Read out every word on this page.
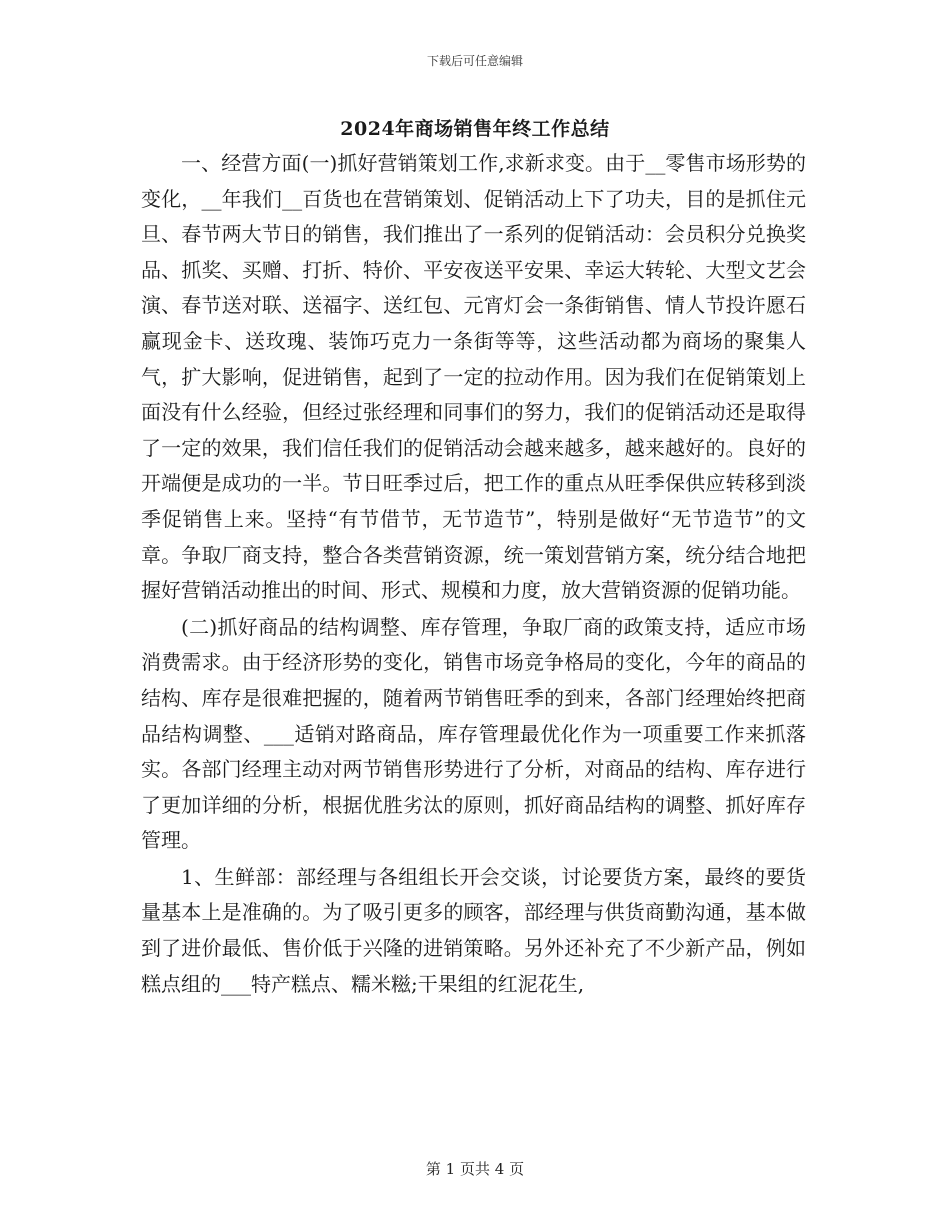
下载后可任意编辑
2024年商场销售年终工作总结

一、经营方面(一)抓好营销策划工作,求新求变。由于__零售市场形势的变化，__年我们__百货也在营销策划、促销活动上下了功夫，目的是抓住元旦、春节两大节日的销售，我们推出了一系列的促销活动：会员积分兑换奖品、抓奖、买赠、打折、特价、平安夜送平安果、幸运大转轮、大型文艺会演、春节送对联、送福字、送红包、元宵灯会一条街销售、情人节投许愿石赢现金卡、送玫瑰、装饰巧克力一条街等等，这些活动都为商场的聚集人气，扩大影响，促进销售，起到了一定的拉动作用。因为我们在促销策划上面没有什么经验，但经过张经理和同事们的努力，我们的促销活动还是取得了一定的效果，我们信任我们的促销活动会越来越多，越来越好的。良好的开端便是成功的一半。节日旺季过后，把工作的重点从旺季保供应转移到淡季促销售上来。坚持“有节借节，无节造节”，特别是做好“无节造节”的文章。争取厂商支持，整合各类营销资源，统一策划营销方案，统分结合地把握好营销活动推出的时间、形式、规模和力度，放大营销资源的促销功能。

(二)抓好商品的结构调整、库存管理，争取厂商的政策支持，适应市场消费需求。由于经济形势的变化，销售市场竞争格局的变化，今年的商品的结构、库存是很难把握的，随着两节销售旺季的到来，各部门经理始终把商品结构调整、___适销对路商品，库存管理最优化作为一项重要工作来抓落实。各部门经理主动对两节销售形势进行了分析，对商品的结构、库存进行了更加详细的分析，根据优胜劣汰的原则，抓好商品结构的调整、抓好库存管理。

1、生鲜部：部经理与各组组长开会交谈，讨论要货方案，最终的要货量基本上是准确的。为了吸引更多的顾客，部经理与供货商勤沟通，基本做到了进价最低、售价低于兴隆的进销策略。另外还补充了不少新产品，例如糕点组的___特产糕点、糯米糍;干果组的红泥花生,

第 1 页共 4 页
